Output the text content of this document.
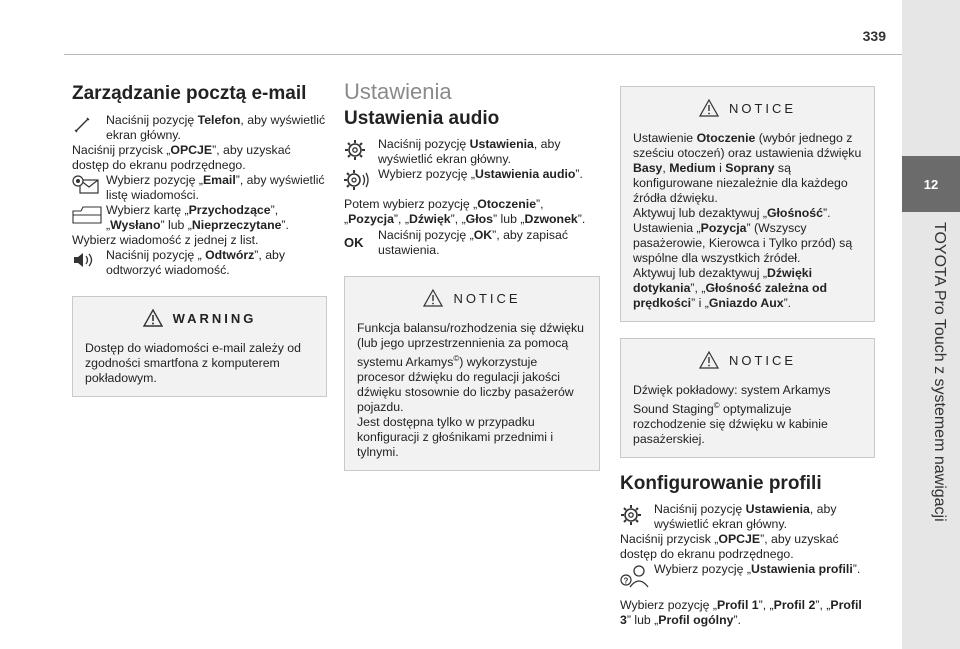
339
12
TOYOTA Pro Touch z systemem nawigacji
Zarządzanie pocztą e-mail
Naciśnij pozycję Telefon, aby wyświetlić ekran główny.

Naciśnij przycisk „OPCJE”, aby uzyskać dostęp do ekranu podrzędnego.

Wybierz pozycję „Email”, aby wyświetlić listę wiadomości.
Wybierz kartę „Przychodzące”, „Wysłano” lub „Nieprzeczytane”.

Wybierz wiadomość z jednej z list.

Naciśnij pozycję „ Odtwórz”, aby odtworzyć wiadomość.
WARNING

Dostęp do wiadomości e-mail zależy od zgodności smartfona z komputerem pokładowym.

Ustawienia
Ustawienia audio
Naciśnij pozycję Ustawienia, aby wyświetlić ekran główny.
Wybierz pozycję „Ustawienia audio”.

Potem wybierz pozycję „Otoczenie”, „Pozycja”, „Dźwięk”, „Głos” lub „Dzwonek”.

OK Naciśnij pozycję „OK”, aby zapisać ustawienia.
NOTICE

Funkcja balansu/rozhodzenia się dźwięku (lub jego uprzestrzennienia za pomocą systemu Arkamys©) wykorzystuje procesor dźwięku do regulacji jakości dźwięku stosownie do liczby pasażerów pojazdu.

Jest dostępna tylko w przypadku konfiguracji z głośnikami przednimi i tylnymi.

NOTICE

Ustawienie Otoczenie (wybór jednego z sześciu otoczeń) oraz ustawienia dźwięku Basy, Medium i Soprany są konfigurowane niezależnie dla każdego źródła dźwięku.

Aktywuj lub dezaktywuj „Głośność”.

Ustawienia „Pozycja” (Wszyscy pasażerowie, Kierowca i Tylko przód) są wspólne dla wszystkich źródeł.

Aktywuj lub dezaktywuj „Dźwięki dotykania”, „Głośność zależna od prędkości” i „Gniazdo Aux”.

NOTICE

Dźwięk pokładowy: system Arkamys Sound Staging© optymalizuje rozchodzenie się dźwięku w kabinie pasażerskiej.

Konfigurowanie profili
Naciśnij pozycję Ustawienia, aby wyświetlić ekran główny.

Naciśnij przycisk „OPCJE”, aby uzyskać dostęp do ekranu podrzędnego.

?
Wybierz pozycję „Ustawienia profili”.

Wybierz pozycję „Profil 1”, „Profil 2”, „Profil 3” lub „Profil ogólny”.
